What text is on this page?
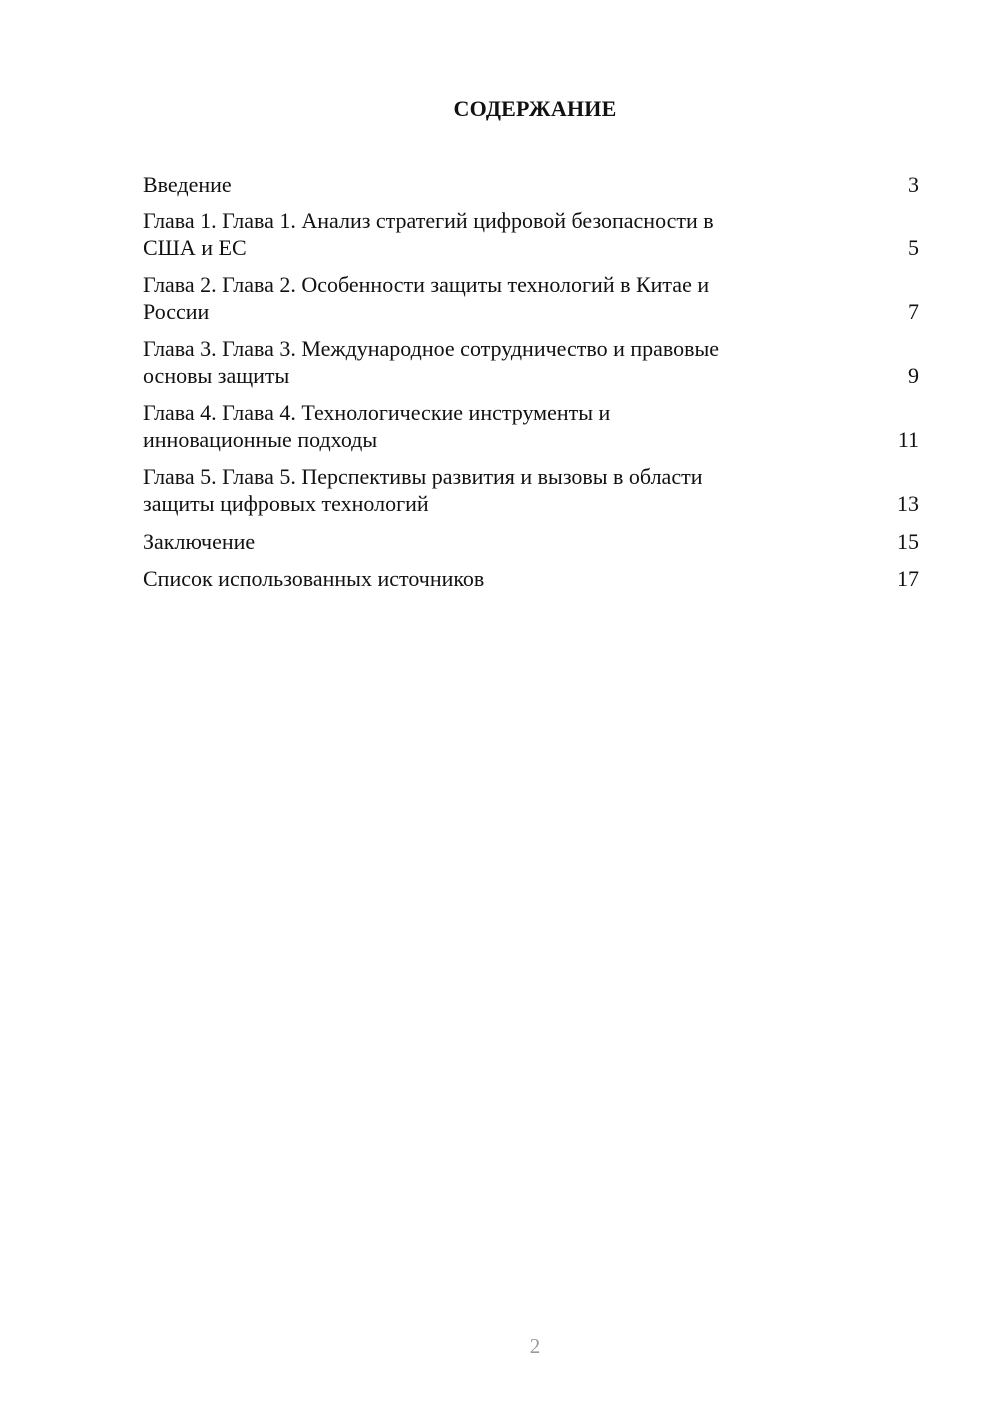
СОДЕРЖАНИЕ
Введение	3
Глава 1. Глава 1. Анализ стратегий цифровой безопасности в
США и ЕС	5
Глава 2. Глава 2. Особенности защиты технологий в Китае и
России	7
Глава 3. Глава 3. Международное сотрудничество и правовые
основы защиты	9
Глава 4. Глава 4. Технологические инструменты и
инновационные подходы	11
Глава 5. Глава 5. Перспективы развития и вызовы в области
защиты цифровых технологий	13
Заключение	15
Список использованных источников	17
2
